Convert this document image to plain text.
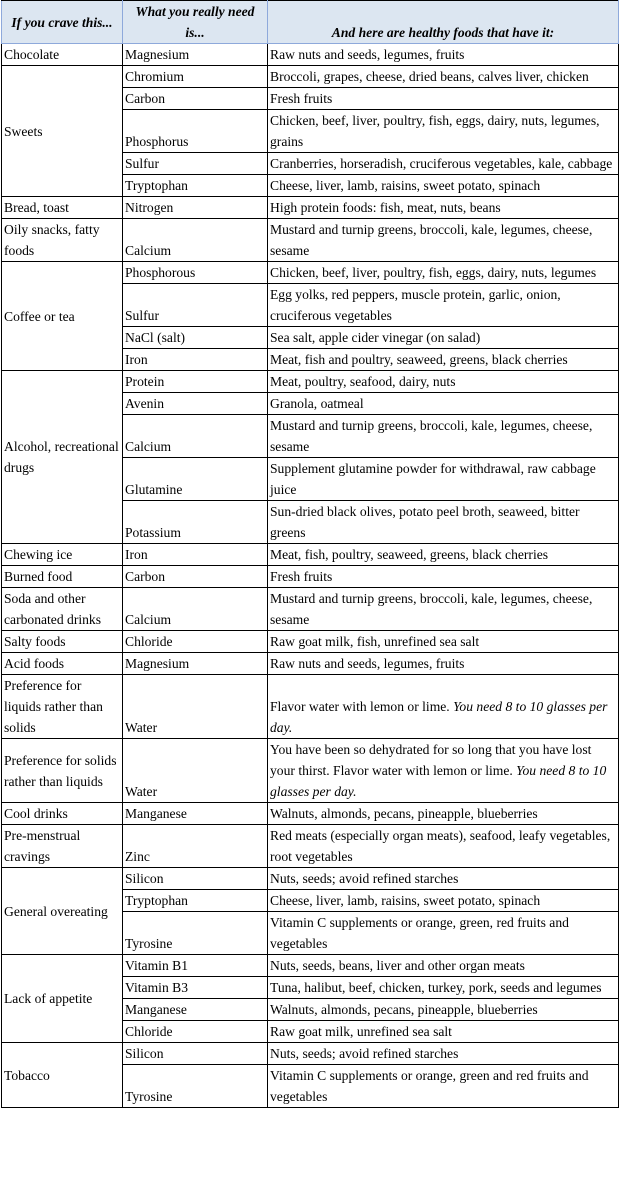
If you crave this...	What you really need is...	And here are healthy foods that have it:
Chocolate	Magnesium	Raw nuts and seeds, legumes, fruits
Sweets	Chromium	Broccoli, grapes, cheese, dried beans, calves liver, chicken
	Carbon	Fresh fruits
	Phosphorus	Chicken, beef, liver, poultry, fish, eggs, dairy, nuts, legumes, grains
	Sulfur	Cranberries, horseradish, cruciferous vegetables, kale, cabbage
	Tryptophan	Cheese, liver, lamb, raisins, sweet potato, spinach
Bread, toast	Nitrogen	High protein foods: fish, meat, nuts, beans
Oily snacks, fatty foods	Calcium	Mustard and turnip greens, broccoli, kale, legumes, cheese, sesame
Coffee or tea	Phosphorous	Chicken, beef, liver, poultry, fish, eggs, dairy, nuts, legumes
	Sulfur	Egg yolks, red peppers, muscle protein, garlic, onion, cruciferous vegetables
	NaCl (salt)	Sea salt, apple cider vinegar (on salad)
	Iron	Meat, fish and poultry, seaweed, greens, black cherries
Alcohol, recreational drugs	Protein	Meat, poultry, seafood, dairy, nuts
	Avenin	Granola, oatmeal
	Calcium	Mustard and turnip greens, broccoli, kale, legumes, cheese, sesame
	Glutamine	Supplement glutamine powder for withdrawal, raw cabbage juice
	Potassium	Sun-dried black olives, potato peel broth, seaweed, bitter greens
Chewing ice	Iron	Meat, fish, poultry, seaweed, greens, black cherries
Burned food	Carbon	Fresh fruits
Soda and other carbonated drinks	Calcium	Mustard and turnip greens, broccoli, kale, legumes, cheese, sesame
Salty foods	Chloride	Raw goat milk, fish, unrefined sea salt
Acid foods	Magnesium	Raw nuts and seeds, legumes, fruits
Preference for liquids rather than solids	Water	Flavor water with lemon or lime. You need 8 to 10 glasses per day.
Preference for solids rather than liquids	Water	You have been so dehydrated for so long that you have lost your thirst. Flavor water with lemon or lime. You need 8 to 10 glasses per day.
Cool drinks	Manganese	Walnuts, almonds, pecans, pineapple, blueberries
Pre-menstrual cravings	Zinc	Red meats (especially organ meats), seafood, leafy vegetables, root vegetables
General overeating	Silicon	Nuts, seeds; avoid refined starches
	Tryptophan	Cheese, liver, lamb, raisins, sweet potato, spinach
	Tyrosine	Vitamin C supplements or orange, green, red fruits and vegetables
Lack of appetite	Vitamin B1	Nuts, seeds, beans, liver and other organ meats
	Vitamin B3	Tuna, halibut, beef, chicken, turkey, pork, seeds and legumes
	Manganese	Walnuts, almonds, pecans, pineapple, blueberries
	Chloride	Raw goat milk, unrefined sea salt
Tobacco	Silicon	Nuts, seeds; avoid refined starches
	Tyrosine	Vitamin C supplements or orange, green and red fruits and vegetables
